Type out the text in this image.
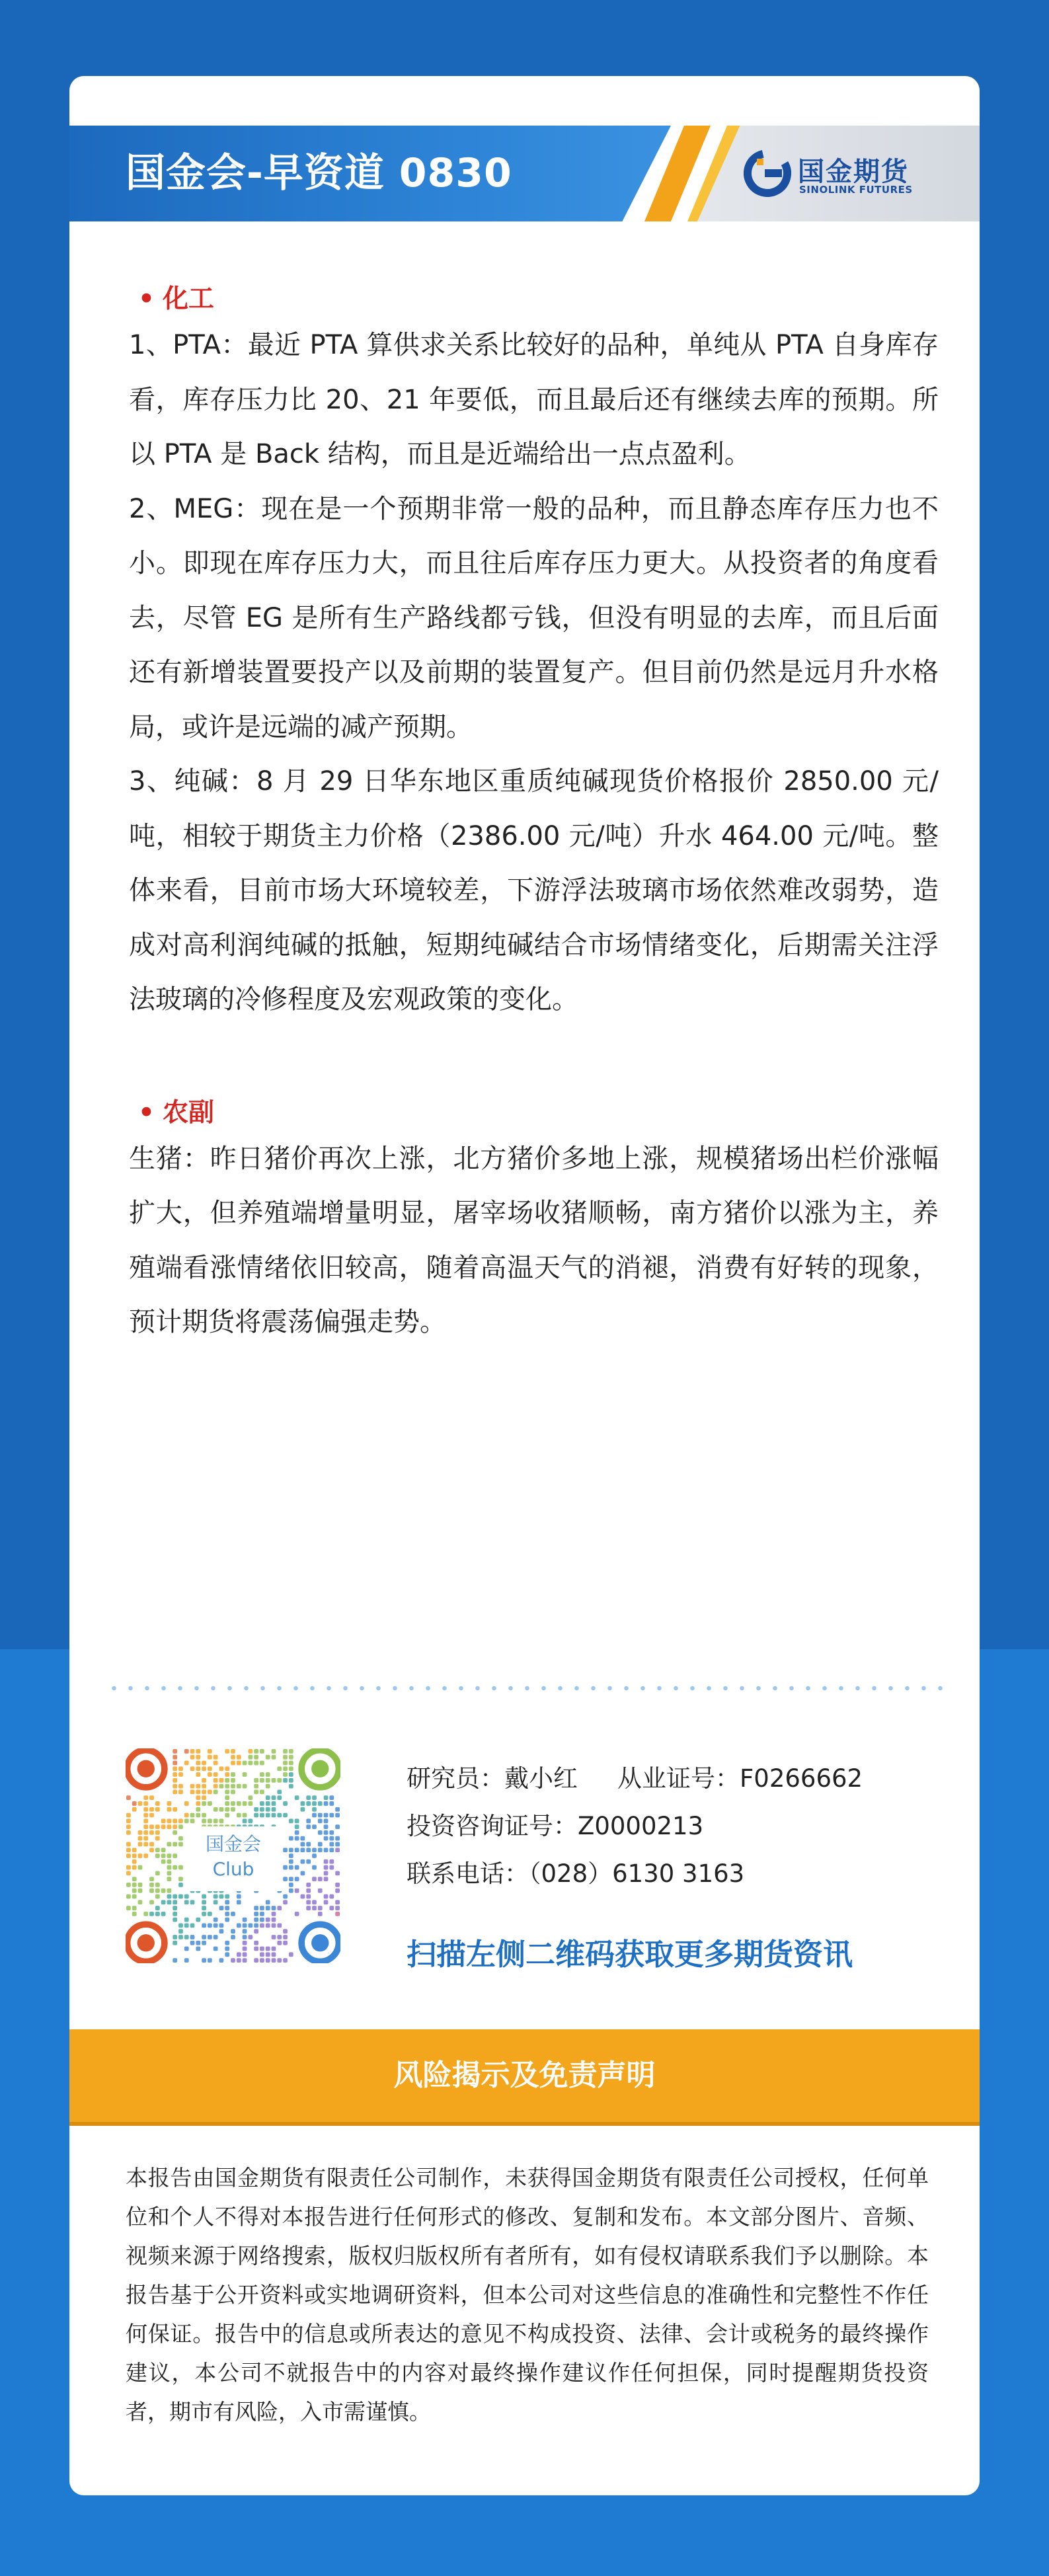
国金会-早资道 0830	国金期货
SINOLINK FUTURES
• 化工

1、PTA：最近 PTA 算供求关系比较好的品种，单纯从 PTA 自身库存看，库存压力比 20、21 年要低，而且最后还有继续去库的预期。所以 PTA 是 Back 结构，而且是近端给出一点点盈利。

2、MEG：现在是一个预期非常一般的品种，而且静态库存压力也不小。即现在库存压力大，而且往后库存压力更大。从投资者的角度看去，尽管 EG 是所有生产路线都亏钱，但没有明显的去库，而且后面还有新增装置要投产以及前期的装置复产。但目前仍然是远月升水格局，或许是远端的减产预期。

3、纯碱：8 月 29 日华东地区重质纯碱现货价格报价 2850.00 元/吨，相较于期货主力价格（2386.00 元/吨）升水 464.00 元/吨。整体来看，目前市场大环境较差，下游浮法玻璃市场依然难改弱势，造成对高利润纯碱的抵触，短期纯碱结合市场情绪变化，后期需关注浮法玻璃的冷修程度及宏观政策的变化。

• 农副

生猪：昨日猪价再次上涨，北方猪价多地上涨，规模猪场出栏价涨幅扩大，但养殖端增量明显，屠宰场收猪顺畅，南方猪价以涨为主，养殖端看涨情绪依旧较高，随着高温天气的消褪，消费有好转的现象，预计期货将震荡偏强走势。

国金会
Club
研究员：戴小红 从业证号：F0266662
投资咨询证号：Z0000213
联系电话：（028）6130 3163
扫描左侧二维码获取更多期货资讯
风险揭示及免责声明

本报告由国金期货有限责任公司制作，未获得国金期货有限责任公司授权，任何单位和个人不得对本报告进行任何形式的修改、复制和发布。本文部分图片、音频、视频来源于网络搜索，版权归版权所有者所有，如有侵权请联系我们予以删除。本报告基于公开资料或实地调研资料，但本公司对这些信息的准确性和完整性不作任何保证。报告中的信息或所表达的意见不构成投资、法律、会计或税务的最终操作建议，本公司不就报告中的内容对最终操作建议作任何担保，同时提醒期货投资者，期市有风险，入市需谨慎。
